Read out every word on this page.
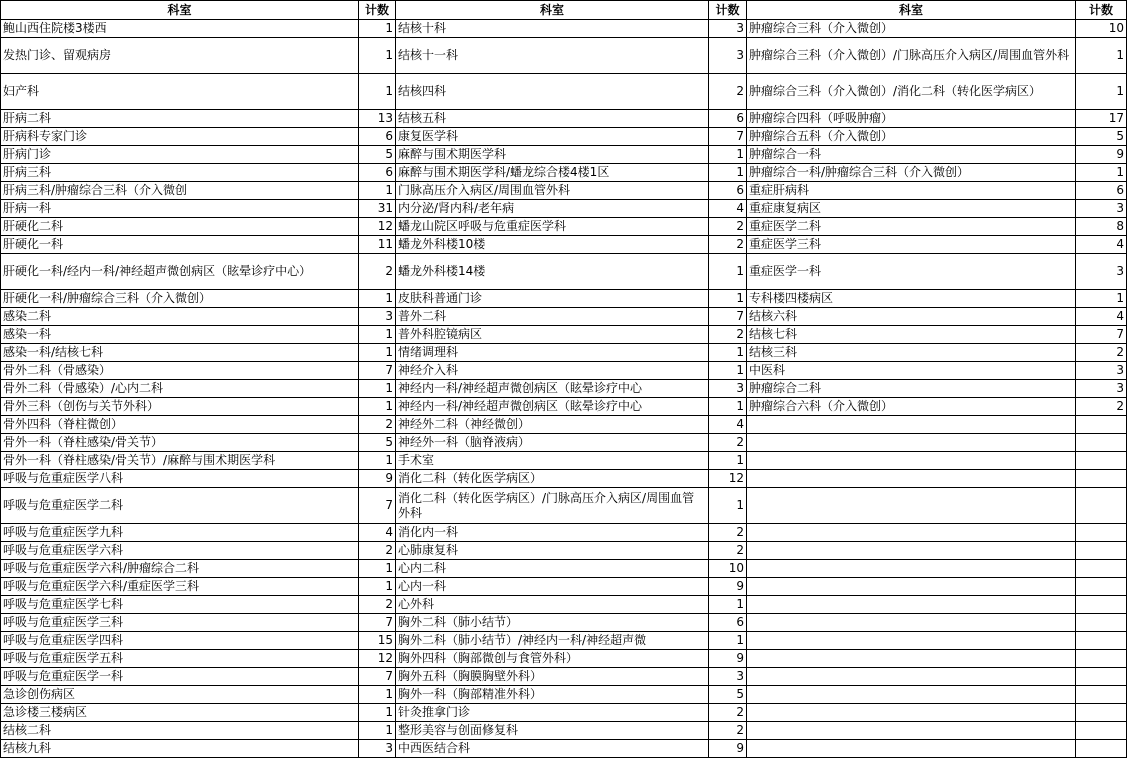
科室	计数	科室	计数	科室	计数
鲍山西住院楼3楼西	1	结核十科	3	肿瘤综合三科（介入微创）	10
发热门诊、留观病房	1	结核十一科	3	肿瘤综合三科（介入微创）/门脉高压介入病区/周围血管外科	1
妇产科	1	结核四科	2	肿瘤综合三科（介入微创）/消化二科（转化医学病区）	1
肝病二科	13	结核五科	6	肿瘤综合四科（呼吸肿瘤）	17
肝病科专家门诊	6	康复医学科	7	肿瘤综合五科（介入微创）	5
肝病门诊	5	麻醉与围术期医学科	1	肿瘤综合一科	9
肝病三科	6	麻醉与围术期医学科/蟠龙综合楼4楼1区	1	肿瘤综合一科/肿瘤综合三科（介入微创）	1
肝病三科/肿瘤综合三科（介入微创	1	门脉高压介入病区/周围血管外科	6	重症肝病科	6
肝病一科	31	内分泌/肾内科/老年病	4	重症康复病区	3
肝硬化二科	12	蟠龙山院区呼吸与危重症医学科	2	重症医学二科	8
肝硬化一科	11	蟠龙外科楼10楼	2	重症医学三科	4
肝硬化一科/经内一科/神经超声微创病区（眩晕诊疗中心）	2	蟠龙外科楼14楼	1	重症医学一科	3
肝硬化一科/肿瘤综合三科（介入微创）	1	皮肤科普通门诊	1	专科楼四楼病区	1
感染二科	3	普外二科	7	结核六科	4
感染一科	1	普外科腔镜病区	2	结核七科	7
感染一科/结核七科	1	情绪调理科	1	结核三科	2
骨外二科（骨感染）	7	神经介入科	1	中医科	3
骨外二科（骨感染）/心内二科	1	神经内一科/神经超声微创病区（眩晕诊疗中心	3	肿瘤综合二科	3
骨外三科（创伤与关节外科）	1	神经内一科/神经超声微创病区（眩晕诊疗中心	1	肿瘤综合六科（介入微创）	2
骨外四科（脊柱微创）	2	神经外二科（神经微创）	4		
骨外一科（脊柱感染/骨关节）	5	神经外一科（脑脊液病）	2		
骨外一科（脊柱感染/骨关节）/麻醉与围术期医学科	1	手术室	1		
呼吸与危重症医学八科	9	消化二科（转化医学病区）	12		
呼吸与危重症医学二科	7	消化二科（转化医学病区）/门脉高压介入病区/周围血管外科	1		
呼吸与危重症医学九科	4	消化内一科	2		
呼吸与危重症医学六科	2	心肺康复科	2		
呼吸与危重症医学六科/肿瘤综合二科	1	心内二科	10		
呼吸与危重症医学六科/重症医学三科	1	心内一科	9		
呼吸与危重症医学七科	2	心外科	1		
呼吸与危重症医学三科	7	胸外二科（肺小结节）	6		
呼吸与危重症医学四科	15	胸外二科（肺小结节）/神经内一科/神经超声微	1		
呼吸与危重症医学五科	12	胸外四科（胸部微创与食管外科）	9		
呼吸与危重症医学一科	7	胸外五科（胸膜胸壁外科）	3		
急诊创伤病区	1	胸外一科（胸部精准外科）	5		
急诊楼三楼病区	1	针灸推拿门诊	2		
结核二科	1	整形美容与创面修复科	2		
结核九科	3	中西医结合科	9		
